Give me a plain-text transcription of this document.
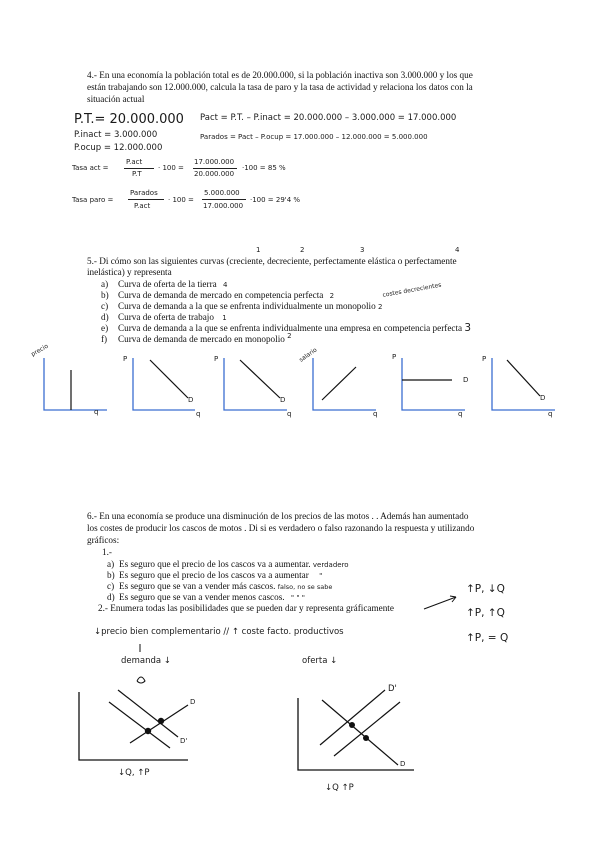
4.- En una economía la población total es de 20.000.000, si la población inactiva son 3.000.000 y los que
están trabajando son 12.000.000, calcula la tasa de paro y la tasa de actividad y relaciona los datos con la
situación actual
P.T.= 20.000.000
P.inact = 3.000.000
P.ocup = 12.000.000
Pact = P.T. – P.inact = 20.000.000 – 3.000.000 = 17.000.000
Parados = Pact – P.ocup = 17.000.000 – 12.000.000 = 5.000.000
Tasa act =
P.act
P.T
· 100 =
17.000.000
20.000.000
·100 = 85 %
Tasa paro =
Parados
P.act
· 100 =
5.000.000
17.000.000
·100 = 29'4 %
1	2	3	4
5.- Di cómo son las siguientes curvas (creciente, decreciente, perfectamente elástica o perfectamente
inelástica) y representa
a) Curva de oferta de la tierra 4
b) Curva de demanda de mercado en competencia perfecta 2
c) Curva de demanda a la que se enfrenta individualmente un monopolio 2
d) Curva de oferta de trabajo 1
e) Curva de demanda a la que se enfrenta individualmente una empresa en competencia perfecta 3
f) Curva de demanda de mercado en monopolio $^2$
costes decrecientes
precio
q
P
D
q
P
D
q
salario
q
P
D
q
P
D
q
6.- En una economía se produce una disminución de los precios de las motos . . Además han aumentado
los costes de producir los cascos de motos . Di si es verdadero o falso razonando la respuesta y utilizando
gráficos:
1.-
a) Es seguro que el precio de los cascos va a aumentar. verdadero
b) Es seguro que el precio de los cascos va a aumentar "
c) Es seguro que se van a vender más cascos. falso, no se sabe
d) Es seguro que se van a vender menos cascos. " " "
2.- Enumera todas las posibilidades que se pueden dar y representa gráficamente
↑P, ↓Q
↑P, ↑Q
↑P, = Q
↓precio bien complementario // ↑ coste facto. productivos
demanda ↓	oferta ↓
D
D'
↓Q, ↑P
D'
D
↓Q ↑P
